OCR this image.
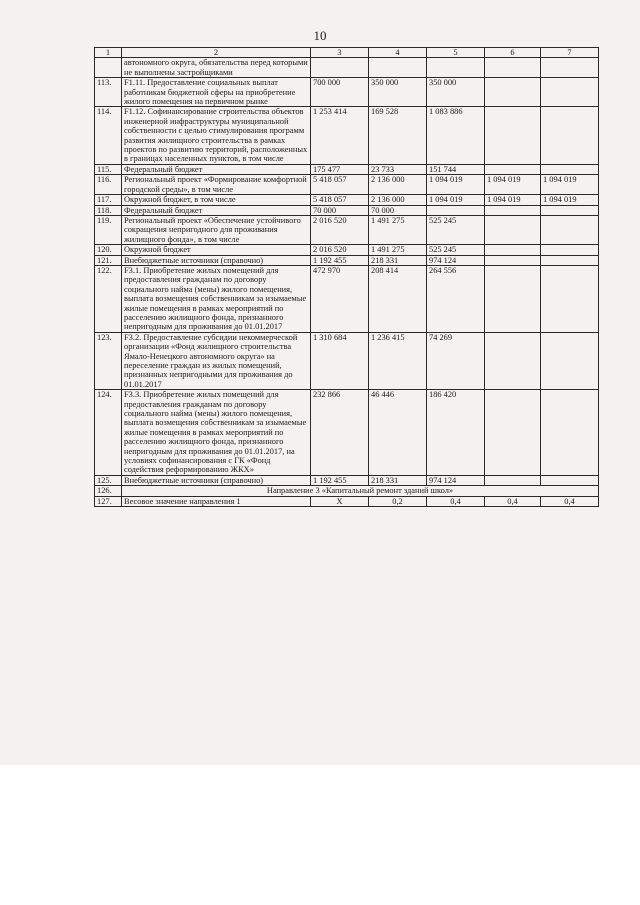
10
1	2	3	4	5	6	7
	автономного округа, обязательства перед которыми не выполнены застройщиками					
113.	F1.11. Предоставление социальных выплат работникам бюджетной сферы на приобретение жилого помещения на первичном рынке	700 000	350 000	350 000		
114.	F1.12. Софинансирование строительства объектов инженерной инфраструктуры муниципальной собственности с целью стимулирования программ развития жилищного строительства в рамках проектов по развитию территорий, расположенных в границах населенных пунктов, в том числе	1 253 414	169 528	1 083 886		
115.	Федеральный бюджет	175 477	23 733	151 744		
116.	Региональный проект «Формирование комфортной городской среды», в том числе	5 418 057	2 136 000	1 094 019	1 094 019	1 094 019
117.	Окружной бюджет, в том числе	5 418 057	2 136 000	1 094 019	1 094 019	1 094 019
118.	Федеральный бюджет	70 000	70 000			
119.	Региональный проект «Обеспечение устойчивого сокращения непригодного для проживания жилищного фонда», в том числе	2 016 520	1 491 275	525 245		
120.	Окружной бюджет	2 016 520	1 491 275	525 245		
121.	Внебюджетные источники (справочно)	1 192 455	218 331	974 124		
122.	F3.1. Приобретение жилых помещений для предоставления гражданам по договору социального найма (мены) жилого помещения, выплата возмещения собственникам за изымаемые жилые помещения в рамках мероприятий по расселению жилищного фонда, признанного непригодным для проживания до 01.01.2017	472 970	208 414	264 556		
123.	F3.2. Предоставление субсидии некоммерческой организации «Фонд жилищного строительства Ямало-Ненецкого автономного округа» на переселение граждан из жилых помещений, признанных непригодными для проживания до 01.01.2017	1 310 684	1 236 415	74 269		
124.	F3.3. Приобретение жилых помещений для предоставления гражданам по договору социального найма (мены) жилого помещения, выплата возмещения собственникам за изымаемые жилые помещения в рамках мероприятий по расселению жилищного фонда, признанного непригодным для проживания до 01.01.2017, на условиях софинансирования с ГК «Фонд содействия реформированию ЖКХ»	232 866	46 446	186 420		
125.	Внебюджетные источники (справочно)	1 192 455	218 331	974 124		
126.	Направление 3 «Капитальный ремонт зданий школ»					
127.	Весовое значение направления 1	Х	0,2	0,4	0,4	0,4
